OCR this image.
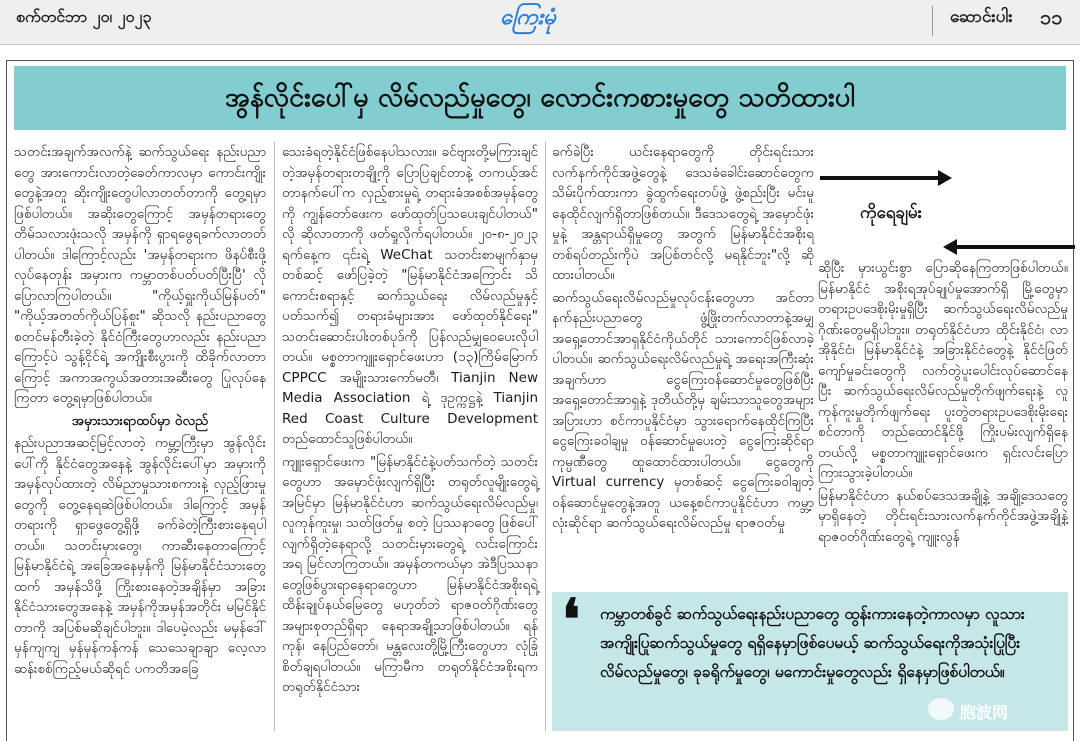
စက်တင်ဘာ ၂၀၊ ၂၀၂၃	ကြေးမုံ	ဆောင်းပါး ၁၁
အွန်လိုင်းပေါ်မှ လိမ်လည်မှုတွေ၊ လောင်းကစားမှုတွေ သတိထားပါ

သတင်းအချက်အလက်နဲ့ ဆက်သွယ်ရေး နည်းပညာတွေ အားကောင်းလာတဲ့ခေတ်ကာလမှာ ကောင်းကျိုးတွေနဲ့အတူ ဆိုးကျိုးတွေပါလာတတ်တာကို တွေ့ရမှာဖြစ်ပါတယ်။ အဆိုးတွေကြောင့် အမှန်တရားတွေ တိမ်သလားဖုံးသလို အမှန်ကို ရှာရဖွေရခက်လာတတ်ပါတယ်။ ဒါကြောင့်လည်း 'အမှန်တရားက ဖိနပ်စီးဖို့လုပ်နေတုန်း အမှားက ကမ္ဘာတစ်ပတ်ပတ်ပြီးပြီ' လို ပြောလာကြပါတယ်။ "ကိုယ့်ရှူးကိုယ်မြန်ပတ်" "ကိုယ့်အတတ်ကိုယ်ပြန်စူး" ဆိုသလို နည်းပညာတွေ စတင်မန်တီးခဲ့တဲ့ နိုင်ငံကြီးတွေဟာလည်း နည်းပညာကြောင့်ပဲ သွန့်ငိုင်ရဲ့ အကျိုးစီးပွားကို ထိခိုက်လာတာကြောင့် အကာအကွယ်အတားအဆီးတွေ ပြုလုပ်နေကြတာ တွေ့ရမှာဖြစ်ပါတယ်။

အမှားသားရာထပ်မှာ ဝဲလည်

နည်းပညာအဆင့်မြင့်လာတဲ့ ကမ္ဘာ့ကြီးမှာ အွန်လိုင်းပေါ်ကို နိုင်ငံတွေအနေနဲ့ အွန်လိုင်းပေါ်မှာ အမှားကို အမှန်လုပ်ထားတဲ့ လိမ်ညာမှုသားစကားနဲ့ လှည့်ဖြားမှုတွေကို တွေ့နေရဆဲဖြစ်ပါတယ်။ ဒါကြောင့် အမှန်တရားကို ရှာဖွေတွေ့ရှိဖို့ ခက်ခဲတဲ့ကြီးစားနေရပါတယ်။ သတင်းမှားတွေ၊ ကာဆီးနေတာကြောင့် မြန်မာနိုင်ငံရဲ့ အခြေအနေမှန်ကို မြန်မာနိုင်ငံသားတွေထက် အမှန်သိဖို့ ကြိုးစားနေတဲ့အချိန်မှာ အခြားနိုင်ငံသားတွေအနေနဲ့ အမှန်ကိုအမှန်အတိုင်း မမြင်နိုင်တာကို အပြစ်မဆိုချင်ပါဘူး။ ဒါပေမဲ့လည်း မမှန်ဒေါ်မှန်ကျကျ မှန်မှန်ကန်ကန် သေသေချာချာ လေ့လာဆန်းစစ်ကြည့်မယ်ဆိုရင် ပကတိအခြေ

သေးခံရတဲ့နိုင်ငံဖြစ်နေပါသလား။ ခင်ဗျားတို့မကြားချင်တဲ့အမှန်တရားတချို့ကို ပြောပြချင်တာနဲ့ တကယ့်အင်တာနက်ပေါ်က လှည့်စားမှုရဲ့ တရားခံအစစ်အမှန်တွေကို ကျွန်တော်ဖေးက ဖော်ထုတ်ပြသပေးချင်ပါတယ်" လို ဆိုလာတာကို ဖတ်ရှုလိုက်ရပါတယ်။ ၂၀-၈-၂၀၂၃ ရက်နေ့က ၎င်းရဲ့ WeChat သတင်းစာမျက်နှာမှတစ်ဆင့် ဖော်ပြခဲ့တဲ့ "မြန်မာနိုင်ငံအကြောင်း သိကောင်းစရာနှင့် ဆက်သွယ်ရေး လိမ်လည်မှုနှင့်ပတ်သက်၍ တရားခံများအား ဖော်ထုတ်နိုင်ရေး" သတင်းဆောင်းပါးတစ်ပုဒ်ကို ပြန်လည်မျှဝေပေးလိုပါတယ်။ မစ္စတာကျူးရှောင်ဖေးဟာ (၁၃)ကြိမ်မြောက် CPPCC အမျိုးသားကော်မတီ၊ Tianjin New Media Association ရဲ့ ဒုဥက္ကဋ္ဌနဲ့ Tianjin Red Coast Culture Development တည်ထောင်သူဖြစ်ပါတယ်။

ကျူးရှောင်ဖေးက "မြန်မာနိုင်ငံနဲ့ပတ်သက်တဲ့ သတင်းတွေဟာ အမှောင်ဖုံးလျက်ရှိပြီး တရုတ်လူမျိုးတွေရဲ့ အမြင်မှာ မြန်မာနိုင်ငံဟာ ဆက်သွယ်ရေးလိမ်လည်မှု၊ လူကုန်ကူးမှု၊ သတ်ဖြတ်မှု စတဲ့ ပြဿနာတွေ ဖြစ်ပေါ်လျက်ရှိတဲ့နေရာလို့ သတင်းမှားတွေရဲ့ လင်းကြောင်းအရ မြင်လာကြတယ်။ အမှန်တကယ်မှာ အဲဒီပြဿနာတွေဖြစ်ပွားရာနေရာတွေဟာ မြန်မာနိုင်ငံအစိုးရရဲ့ ထိန်းချုပ်နယ်မြေတွေ မဟုတ်ဘဲ ရာဇဝတ်ဂိုဏ်းတွေ အများစုတည်ရှိရာ နေရာအချို့သာဖြစ်ပါတယ်။ ရန်ကုန်၊ နေပြည်တော်၊ မန္တလေးတို့မြို့ကြီးတွေဟာ လုံခြုံစိတ်ချရပါတယ်။ မကြာမီက တရုတ်နိုင်ငံအစိုးရက တရုတ်နိုင်ငံသား

ခက်ခဲပြီး ယင်းနေရာတွေကို တိုင်းရင်းသားလက်နက်ကိုင်အဖွဲ့တွေနဲ့ ဒေသခံခေါင်းဆောင်တွေက သိမ်းပိုက်ထားကာ ခွဲထွက်ရေးတပ်ဖွဲ့ ဖွဲ့စည်းပြီး မင်းမူနေထိုင်လျက်ရှိတာဖြစ်တယ်။ ဒီဒေသတွေရဲ့ အမှောင်ဖုံးမှုနဲ့ အန္တရာယ်ရှိမှုတွေ အတွက် မြန်မာနိုင်ငံအစိုးရ တစ်ရပ်တည်းကိုပဲ အပြစ်တင်လို့ မရနိုင်ဘူး"လို့ ဆိုထားပါတယ်။

ဆက်သွယ်ရေးလိမ်လည်မှုလုပ်ငန်းတွေဟာ အင်တာနက်နည်းပညာတွေ ဖွံ့ဖြိုးတက်လာတာနဲ့အမျှ အရှေ့တောင်အာရှနိုင်ငံကိုယ်တိုင် သားကောင်ဖြစ်လာခဲ့ပါတယ်။ ဆက်သွယ်ရေးလိမ်လည်မှုရဲ့ အရေးအကြီးဆုံးအချက်ဟာ ငွေကြေးဝန်ဆောင်မှုတွေဖြစ်ပြီး အရှေ့တောင်အာရှနဲ့ ဒုတိယ်တို့မှ ချမ်းသာသူတွေအများအပြားဟာ စင်ကာပူနိုင်ငံမှာ သွားရောက်နေထိုင်ကြပြီး ငွေကြေးခဝါချမှု ဝန်ဆောင်မှုပေးတဲ့ ငွေကြေးဆိုင်ရာ ကုမ္ပဏီတွေ ထူထောင်ထားပါတယ်။ ငွေတွေကို Virtual currency မှတစ်ဆင့် ငွေကြေးခဝါချတဲ့ ဝန်ဆောင်မှုတွေနဲ့အတူ ယနေ့စင်ကာပူနိုင်ငံဟာ ကမ္ဘာ့လုံးဆိုင်ရာ ဆက်သွယ်ရေးလိမ်လည်မှု ရာဇဝတ်မှု

ကိုရေချမ်း

ဆိုပြီး မှားယွင်းစွာ ပြောဆိုနေကြတာဖြစ်ပါတယ်။ မြန်မာနိုင်ငံ အစိုးရအုပ်ချုပ်မှုအောက်ရှိ မြို့တွေမှာ တရားဥပဒေစိုးမိုးမှုရှိပြီး ဆက်သွယ်ရေးလိမ်လည်မှုဂိုဏ်းတွေမရှိပါဘူး။ တရုတ်နိုင်ငံဟာ ထိုင်းနိုင်ငံ၊ လာအိုနိုင်ငံ၊ မြန်မာနိုင်ငံနဲ့ အခြားနိုင်ငံတွေနဲ့ နိုင်ငံဖြတ်ကျော်မှုခင်းတွေကို လက်တွဲပူးပေါင်းလုပ်ဆောင်နေပြီး ဆက်သွယ်ရေးလိမ်လည်မှုတိုက်ဖျက်ရေးနဲ့ လူကုန်ကူးမှုတိုက်ဖျက်ရေး ပူးတွဲတရားဥပဒေစိုးမိုးရေးစင်တာကို တည်ထောင်နိုင်ဖို့ ကြိုးပမ်းလျက်ရှိနေတယ်လို့ မစ္စတာကျူးရှောင်ဖေးက ရှင်းလင်းပြောကြားသွားခဲ့ပါတယ်။

မြန်မာနိုင်ငံဟာ နယ်စပ်ဒေသအချို့နဲ့ အချို့ဒေသတွေမှာရှိနေတဲ့ တိုင်းရင်းသားလက်နက်ကိုင်အဖွဲ့အချို့နဲ့ ရာဇဝတ်ဂိုဏ်းတွေရဲ့ ကျူးလွန်

❛ ကမ္ဘာတစ်ခွင် ဆက်သွယ်ရေးနည်းပညာတွေ ထွန်းကားနေတဲ့ကာလမှာ လူသားအကျိုးပြုဆက်သွယ်မှုတွေ ရရှိနေမှာဖြစ်ပေမယ့် ဆက်သွယ်ရေးကိုအသုံးပြုပြီး လိမ်လည်မှုတွေ၊ ခုခရိုက်မှုတွေ၊ မကောင်းမှုတွေလည်း ရှိနေမှာဖြစ်ပါတယ်။
胞波网
